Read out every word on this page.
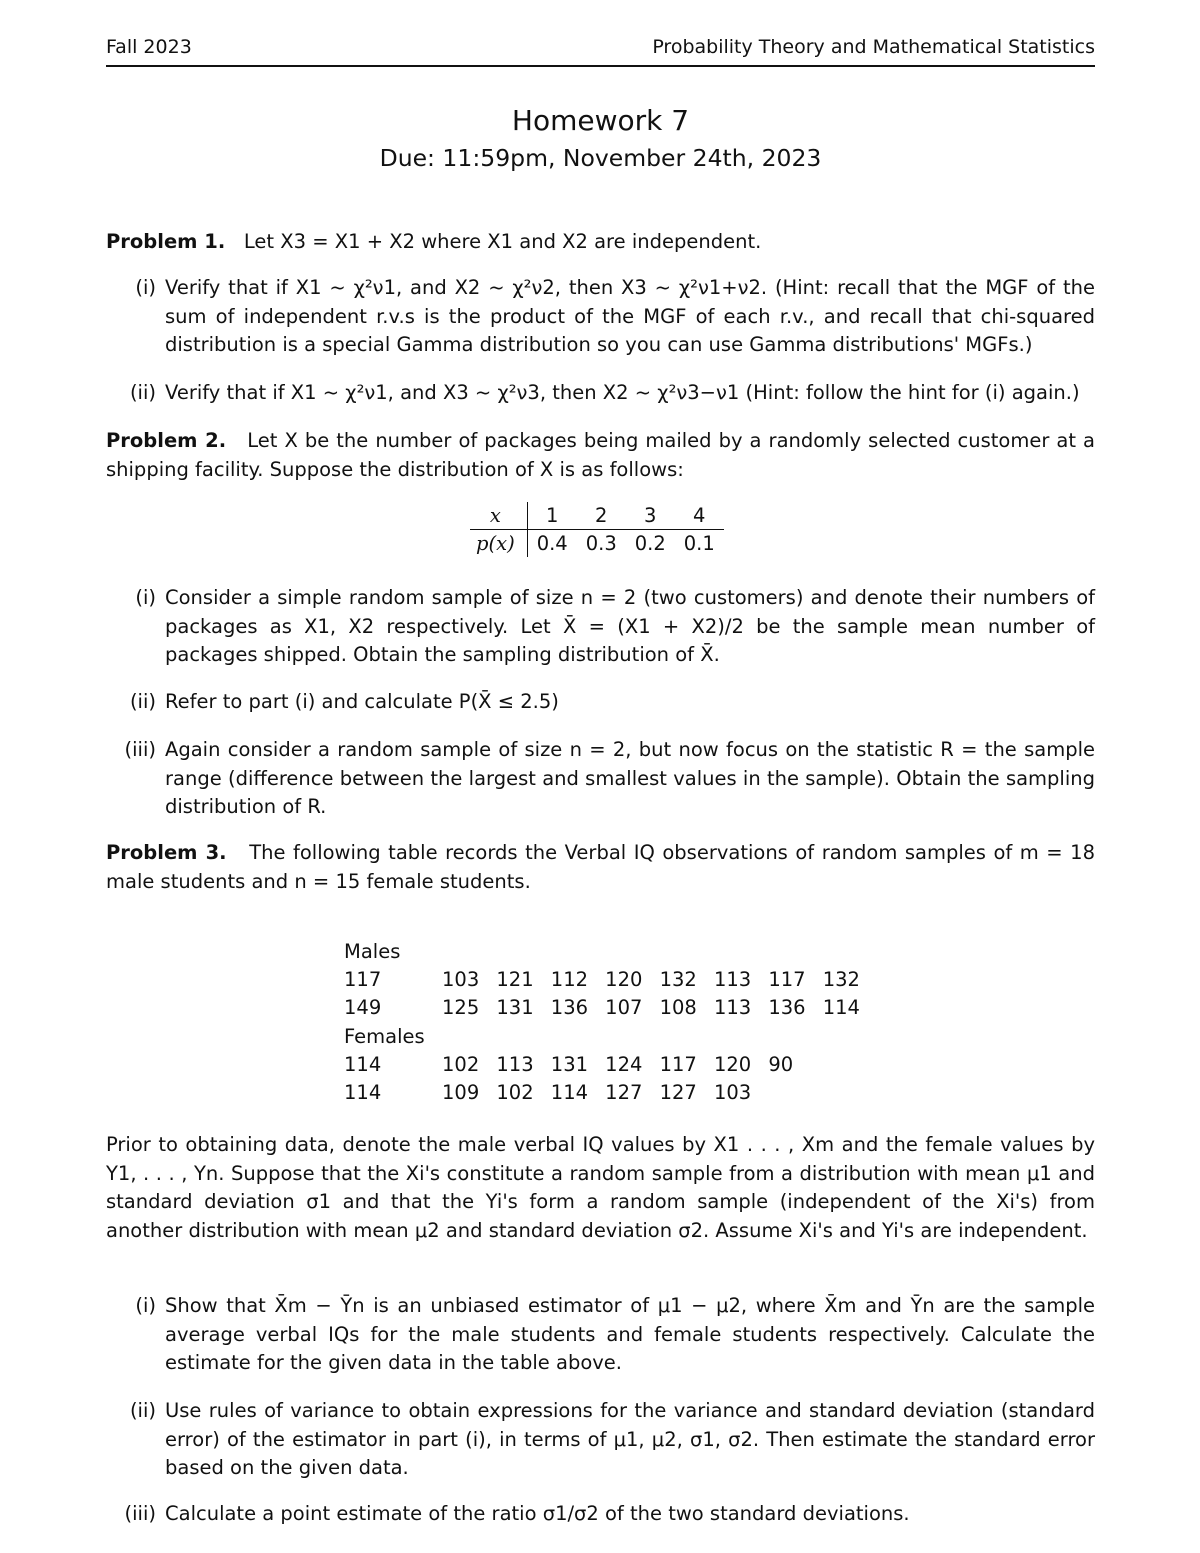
Fall 2023	Probability Theory and Mathematical Statistics
Homework 7
Due: 11:59pm, November 24th, 2023
Problem 1. Let X3 = X1 + X2 where X1 and X2 are independent.
(i) Verify that if X1 ~ χ²ν1, and X2 ~ χ²ν2, then X3 ~ χ²ν1+ν2. (Hint: recall that the MGF of the sum of independent r.v.s is the product of the MGF of each r.v., and recall that chi-squared distribution is a special Gamma distribution so you can use Gamma distributions' MGFs.)
(ii) Verify that if X1 ~ χ²ν1, and X3 ~ χ²ν3, then X2 ~ χ²ν3−ν1 (Hint: follow the hint for (i) again.)
Problem 2. Let X be the number of packages being mailed by a randomly selected customer at a shipping facility. Suppose the distribution of X is as follows:
x	1	2	3	4
p(x)	0.4	0.3	0.2	0.1
(i) Consider a simple random sample of size n = 2 (two customers) and denote their numbers of packages as X1, X2 respectively. Let X̄ = (X1 + X2)/2 be the sample mean number of packages shipped. Obtain the sampling distribution of X̄.
(ii) Refer to part (i) and calculate P(X̄ ≤ 2.5)
(iii) Again consider a random sample of size n = 2, but now focus on the statistic R = the sample range (difference between the largest and smallest values in the sample). Obtain the sampling distribution of R.
Problem 3. The following table records the Verbal IQ observations of random samples of m = 18 male students and n = 15 female students.
Males								
117	103	121	112	120	132	113	117	132
149	125	131	136	107	108	113	136	114
Females								
114	102	113	131	124	117	120	90	
114	109	102	114	127	127	103		
Prior to obtaining data, denote the male verbal IQ values by X1 . . . , Xm and the female values by Y1, . . . , Yn. Suppose that the Xi's constitute a random sample from a distribution with mean μ1 and standard deviation σ1 and that the Yi's form a random sample (independent of the Xi's) from another distribution with mean μ2 and standard deviation σ2. Assume Xi's and Yi's are independent.
(i) Show that X̄m − Ȳn is an unbiased estimator of μ1 − μ2, where X̄m and Ȳn are the sample average verbal IQs for the male students and female students respectively. Calculate the estimate for the given data in the table above.
(ii) Use rules of variance to obtain expressions for the variance and standard deviation (standard error) of the estimator in part (i), in terms of μ1, μ2, σ1, σ2. Then estimate the standard error based on the given data.
(iii) Calculate a point estimate of the ratio σ1/σ2 of the two standard deviations.
